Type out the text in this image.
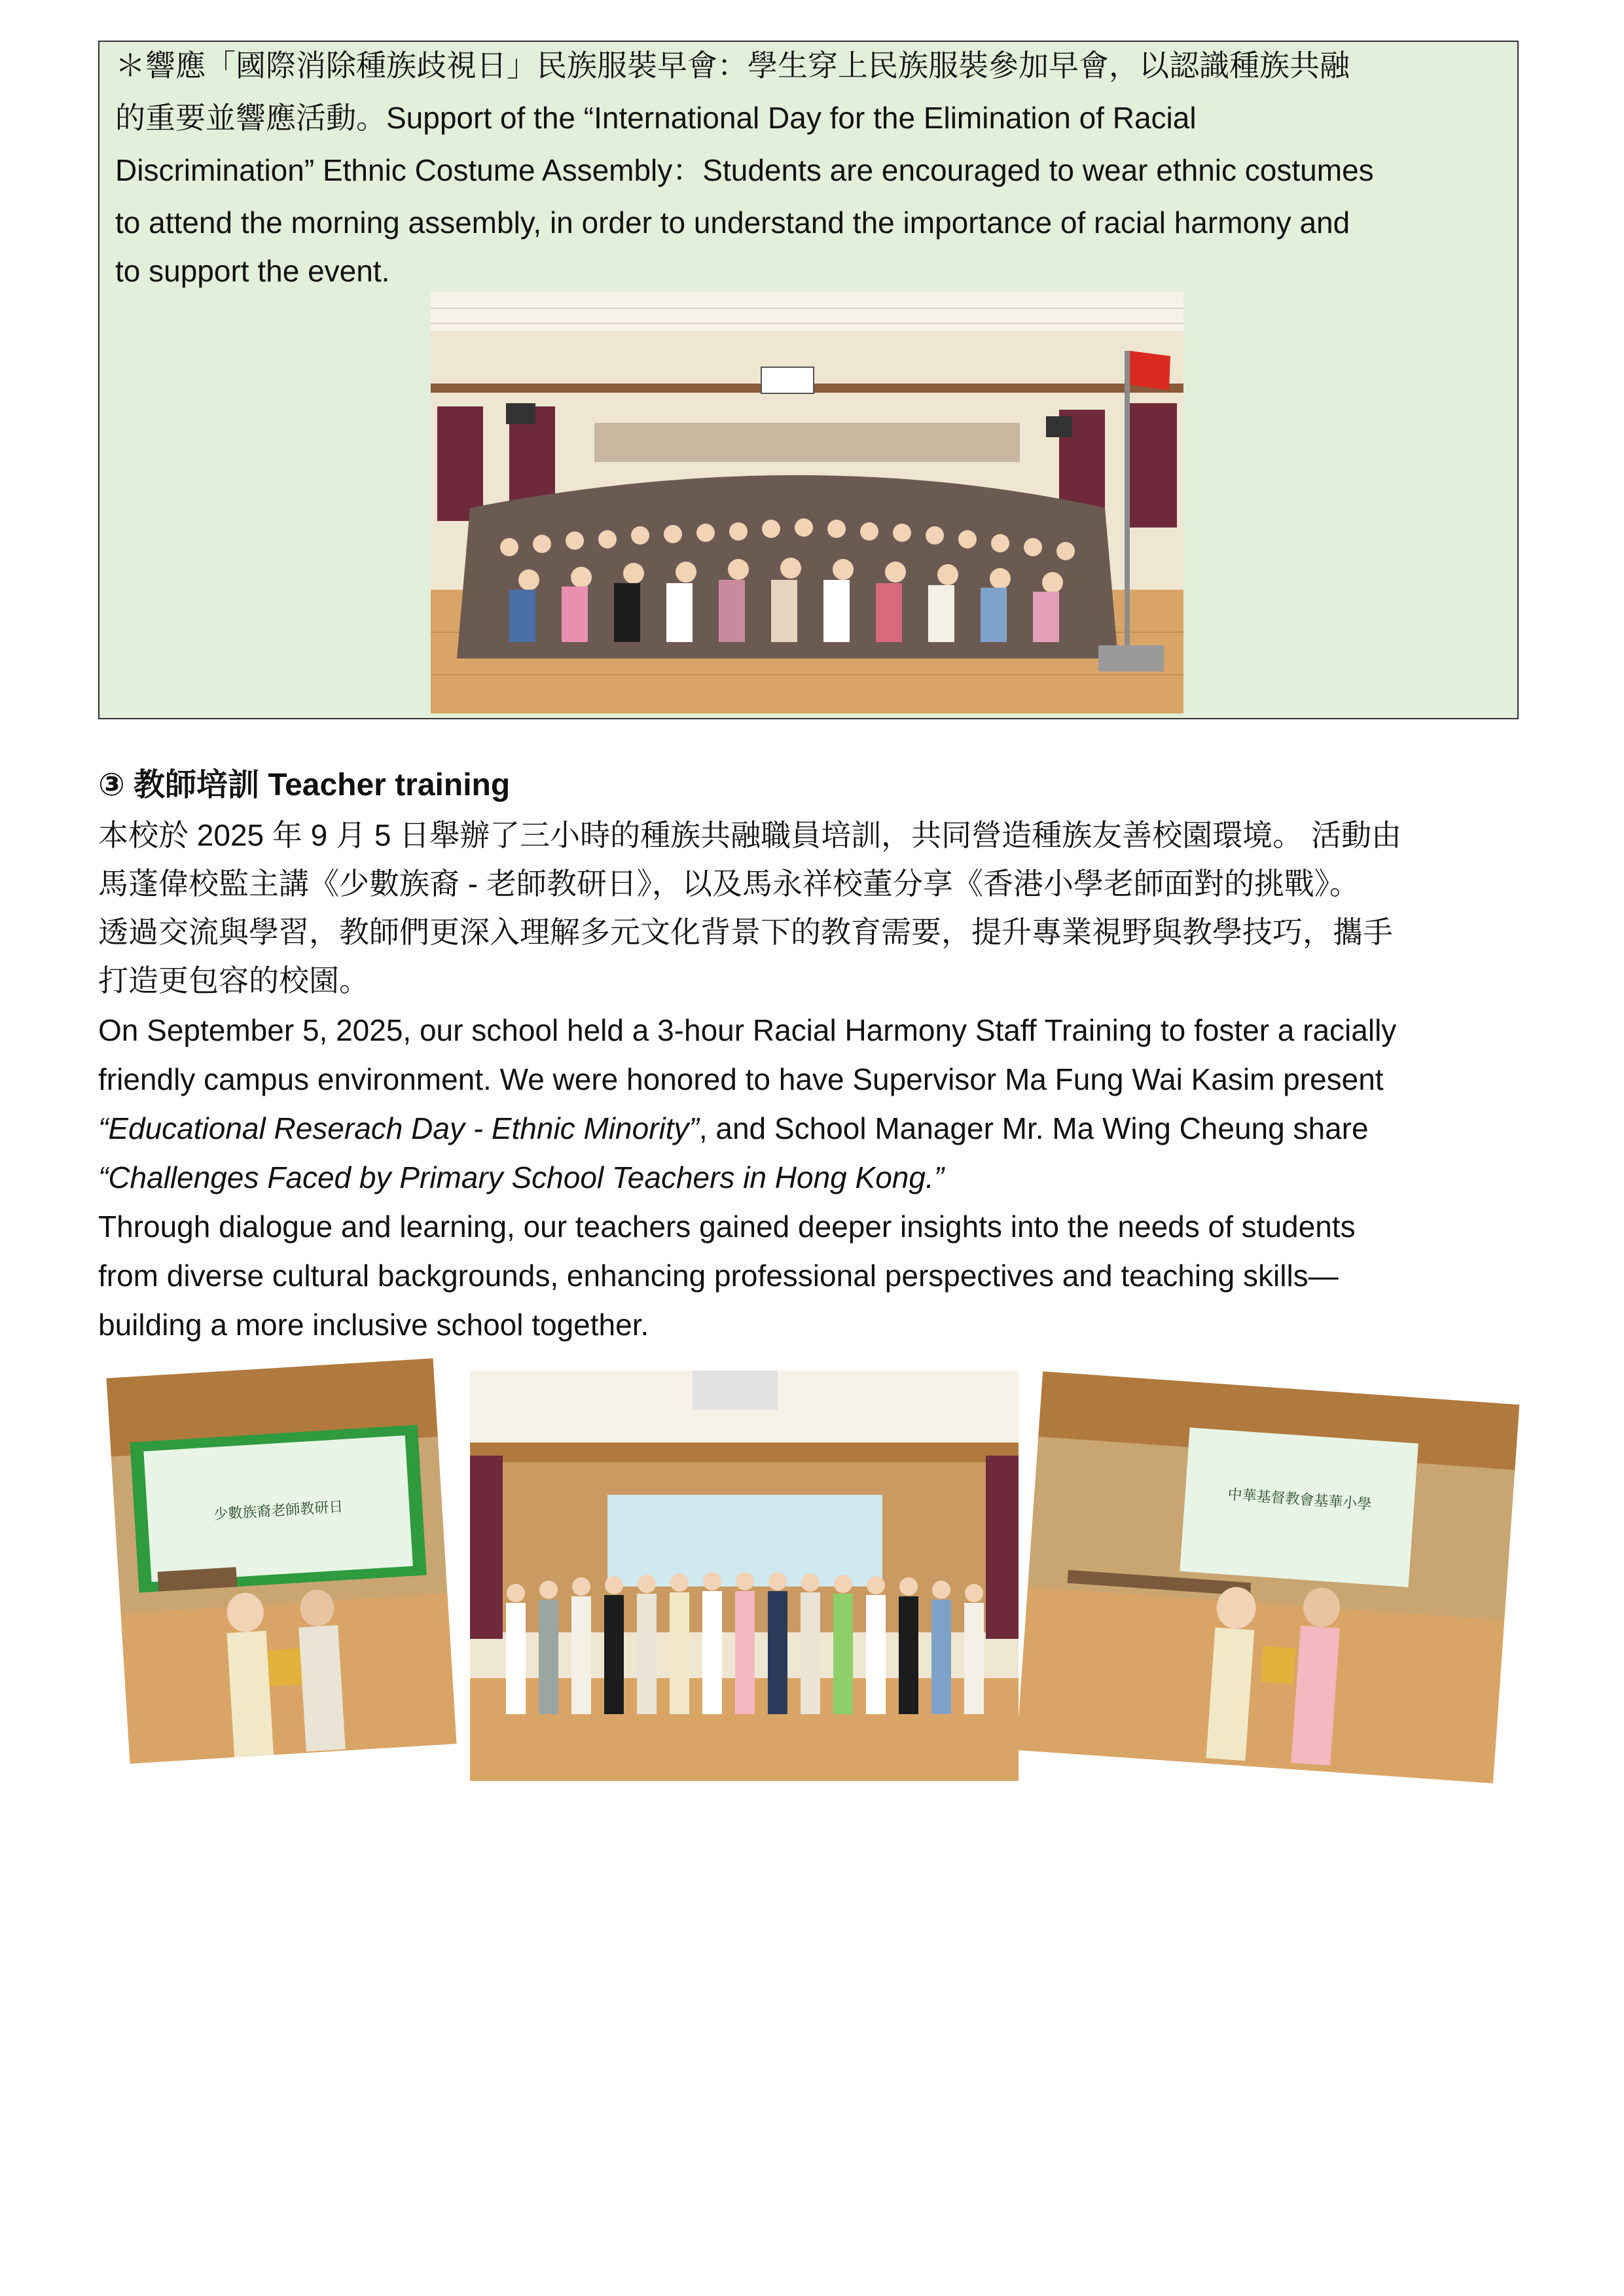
＊響應「國際消除種族歧視日」民族服裝早會：學生穿上民族服裝參加早會，以認識種族共融
的重要並響應活動。Support of the “International Day for the Elimination of Racial
Discrimination” Ethnic Costume Assembly：Students are encouraged to wear ethnic costumes
to attend the morning assembly, in order to understand the importance of racial harmony and
to support the event.
③ 教師培訓 Teacher training
本校於 2025 年 9 月 5 日舉辦了三小時的種族共融職員培訓，共同營造種族友善校園環境。 活動由
馬蓬偉校監主講《少數族裔 - 老師教研日》，以及馬永祥校董分享《香港小學老師面對的挑戰》。
透過交流與學習，教師們更深入理解多元文化背景下的教育需要，提升專業視野與教學技巧，攜手
打造更包容的校園。
On September 5, 2025, our school held a 3-hour Racial Harmony Staff Training to foster a racially
friendly campus environment. We were honored to have Supervisor Ma Fung Wai Kasim present
“Educational Reserach Day - Ethnic Minority”, and School Manager Mr. Ma Wing Cheung share
“Challenges Faced by Primary School Teachers in Hong Kong.”
Through dialogue and learning, our teachers gained deeper insights into the needs of students
from diverse cultural backgrounds, enhancing professional perspectives and teaching skills—
building a more inclusive school together.
少數族裔老師教研日	中華基督教會基華小學
